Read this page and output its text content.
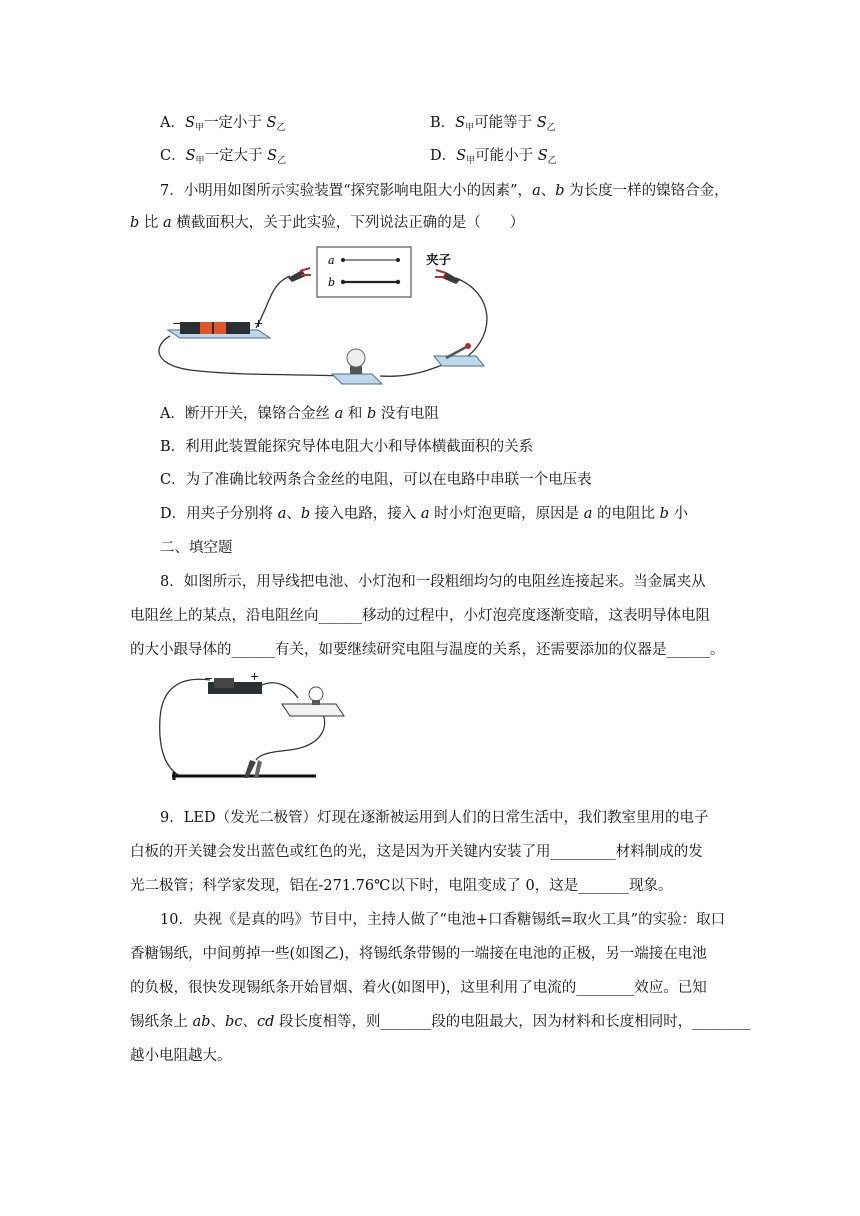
A．$S_甲$一定小于 $S_乙$	B．$S_甲$可能等于 $S_乙$
C．$S_甲$一定大于 $S_乙$	D．$S_甲$可能小于 $S_乙$
7．小明用如图所示实验装置“探究影响电阻大小的因素”，a、b 为长度一样的镍铬合金，
b 比 a 横截面积大，关于此实验，下列说法正确的是（　　）
−	+
a
b
夹子
A．断开开关，镍铬合金丝 a 和 b 没有电阻
B．利用此装置能探究导体电阻大小和导体横截面积的关系
C．为了准确比较两条合金丝的电阻，可以在电路中串联一个电压表
D．用夹子分别将 a、b 接入电路，接入 a 时小灯泡更暗，原因是 a 的电阻比 b 小
二、填空题
8．如图所示，用导线把电池、小灯泡和一段粗细均匀的电阻丝连接起来。当金属夹从
电阻丝上的某点，沿电阻丝向______移动的过程中，小灯泡亮度逐渐变暗，这表明导体电阻
的大小跟导体的______有关，如要继续研究电阻与温度的关系，还需要添加的仪器是______。
−	+
9．LED（发光二极管）灯现在逐渐被运用到人们的日常生活中，我们教室里用的电子
白板的开关键会发出蓝色或红色的光，这是因为开关键内安装了用_________材料制成的发
光二极管；科学家发现，铝在-271.76℃以下时，电阻变成了 0，这是_______现象。
10．央视《是真的吗》节目中，主持人做了“电池+口香糖锡纸=取火工具”的实验：取口
香糖锡纸，中间剪掉一些(如图乙)，将锡纸条带锡的一端接在电池的正极，另一端接在电池
的负极，很快发现锡纸条开始冒烟、着火(如图甲)，这里利用了电流的________效应。已知
锡纸条上 ab、bc、cd 段长度相等，则_______段的电阻最大，因为材料和长度相同时，________
越小电阻越大。
